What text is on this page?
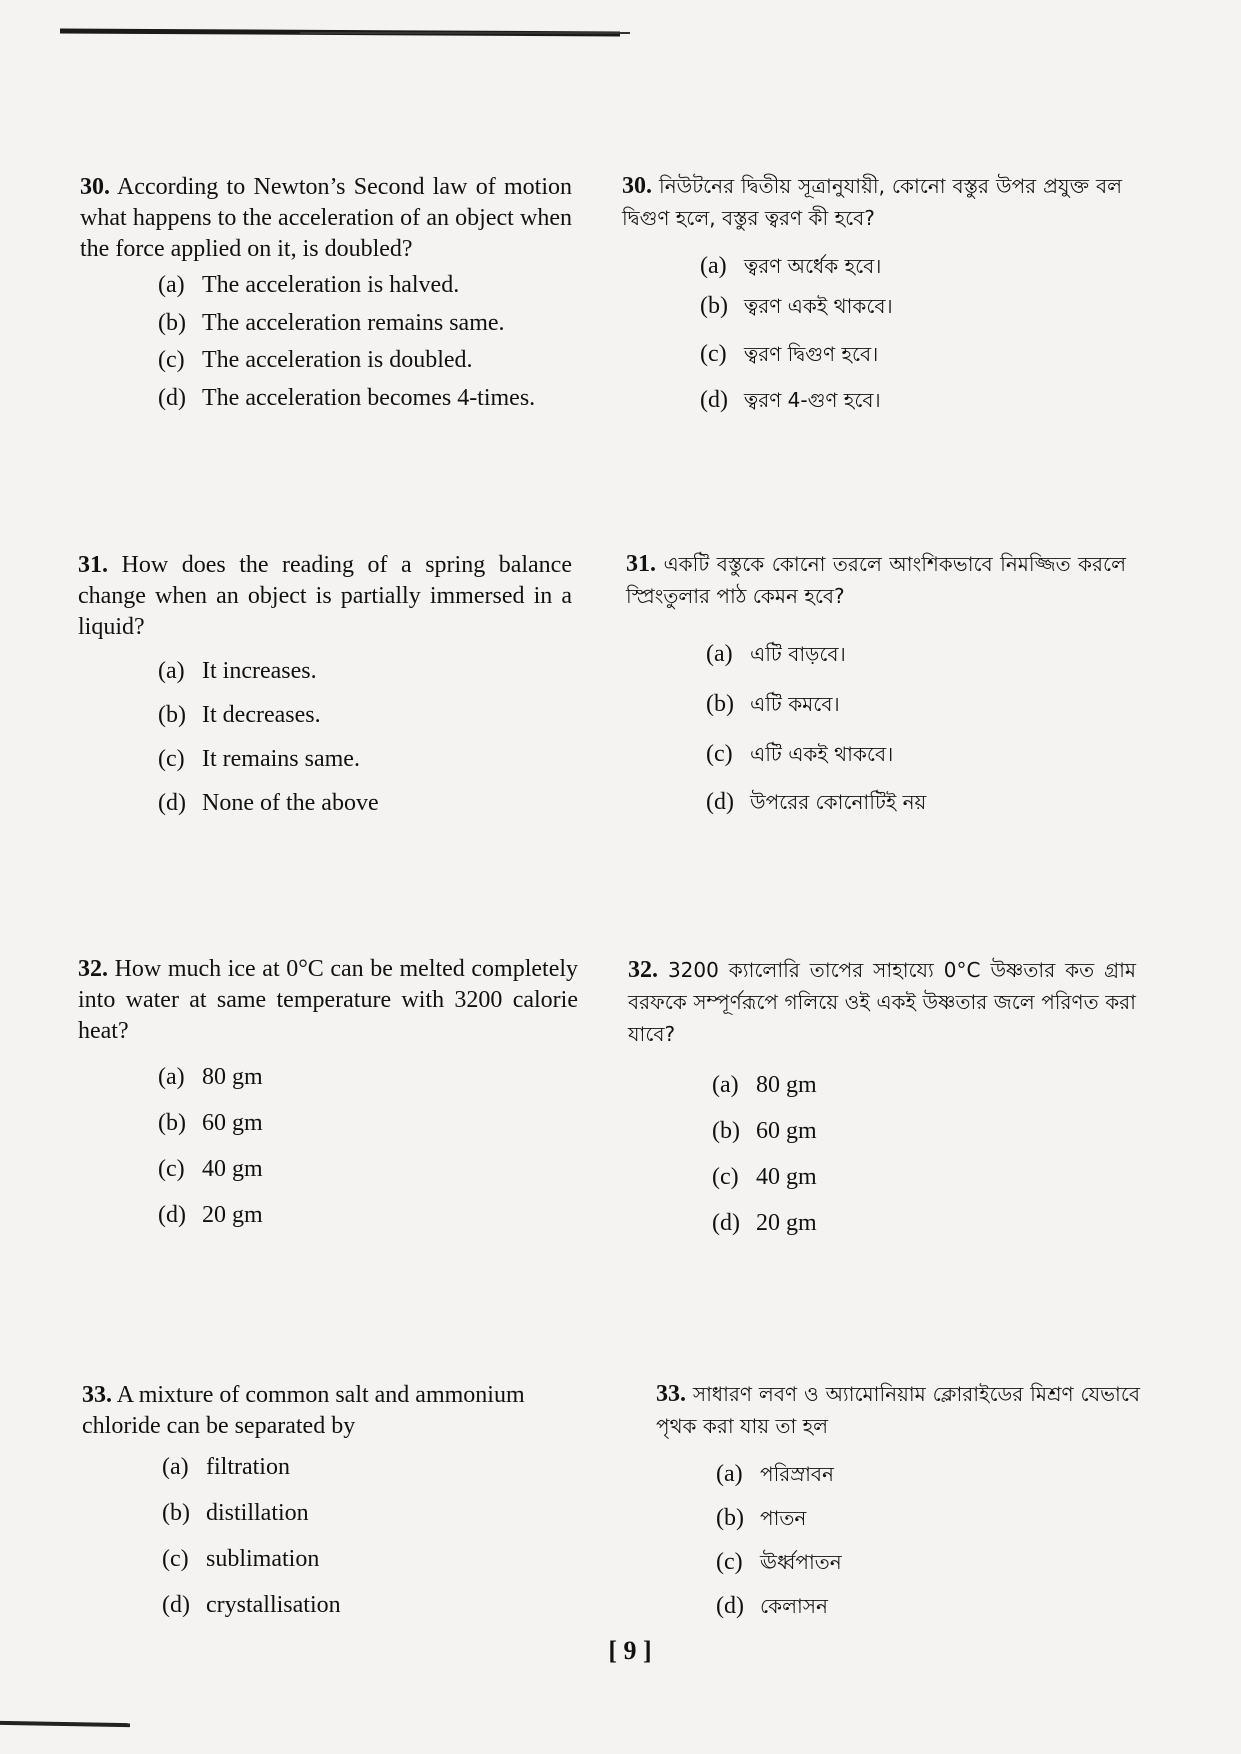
30. According to Newton’s Second law of motion what happens to the acceleration of an object when the force applied on it, is doubled?
(a) The acceleration is halved.
(b) The acceleration remains same.
(c) The acceleration is doubled.
(d) The acceleration becomes 4-times.
30. নিউটনের দ্বিতীয় সূত্রানুযায়ী, কোনো বস্তুর উপর প্রযুক্ত বল দ্বিগুণ হলে, বস্তুর ত্বরণ কী হবে?
(a) ত্বরণ অর্ধেক হবে।
(b) ত্বরণ একই থাকবে।
(c) ত্বরণ দ্বিগুণ হবে।
(d) ত্বরণ 4-গুণ হবে।
31. How does the reading of a spring balance change when an object is partially immersed in a liquid?
(a) It increases.
(b) It decreases.
(c) It remains same.
(d) None of the above
31. একটি বস্তুকে কোনো তরলে আংশিকভাবে নিমজ্জিত করলে স্প্রিংতুলার পাঠ কেমন হবে?
(a) এটি বাড়বে।
(b) এটি কমবে।
(c) এটি একই থাকবে।
(d) উপরের কোনোটিই নয়
32. How much ice at 0°C can be melted completely into water at same temperature with 3200 calorie heat?
(a) 80 gm
(b) 60 gm
(c) 40 gm
(d) 20 gm
32. 3200 ক্যালোরি তাপের সাহায্যে 0°C উষ্ণতার কত গ্রাম বরফকে সম্পূর্ণরূপে গলিয়ে ওই একই উষ্ণতার জলে পরিণত করা যাবে?
(a) 80 gm
(b) 60 gm
(c) 40 gm
(d) 20 gm
33. A mixture of common salt and ammonium chloride can be separated by
(a) filtration
(b) distillation
(c) sublimation
(d) crystallisation
33. সাধারণ লবণ ও অ্যামোনিয়াম ক্লোরাইডের মিশ্রণ যেভাবে পৃথক করা যায় তা হল
(a) পরিস্রাবন
(b) পাতন
(c) ঊর্ধ্বপাতন
(d) কেলাসন
[ 9 ]
